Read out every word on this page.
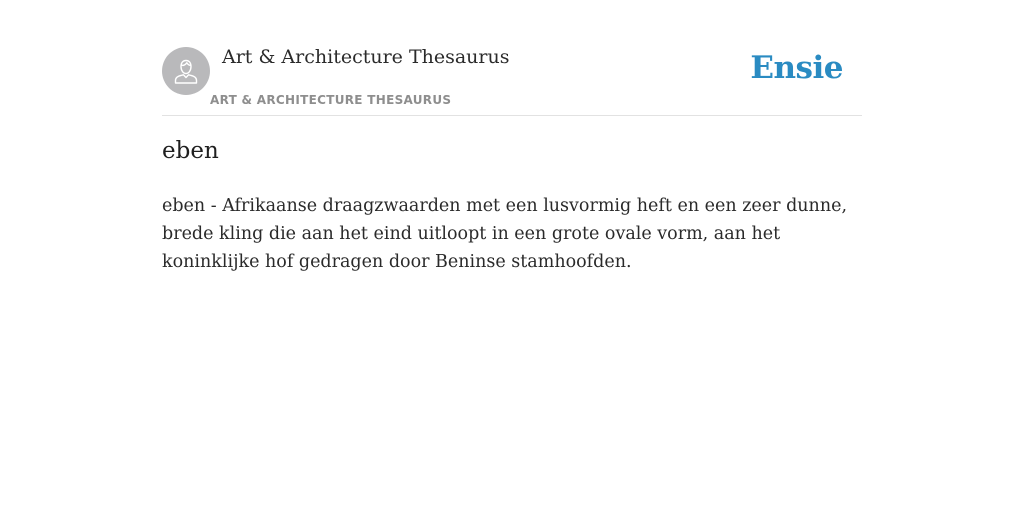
Art & Architecture Thesaurus
ART & ARCHITECTURE THESAURUS
Ensie
eben

eben - Afrikaanse draagzwaarden met een lusvormig heft en een zeer dunne, brede kling die aan het eind uitloopt in een grote ovale vorm, aan het koninklijke hof gedragen door Beninse stamhoofden.
